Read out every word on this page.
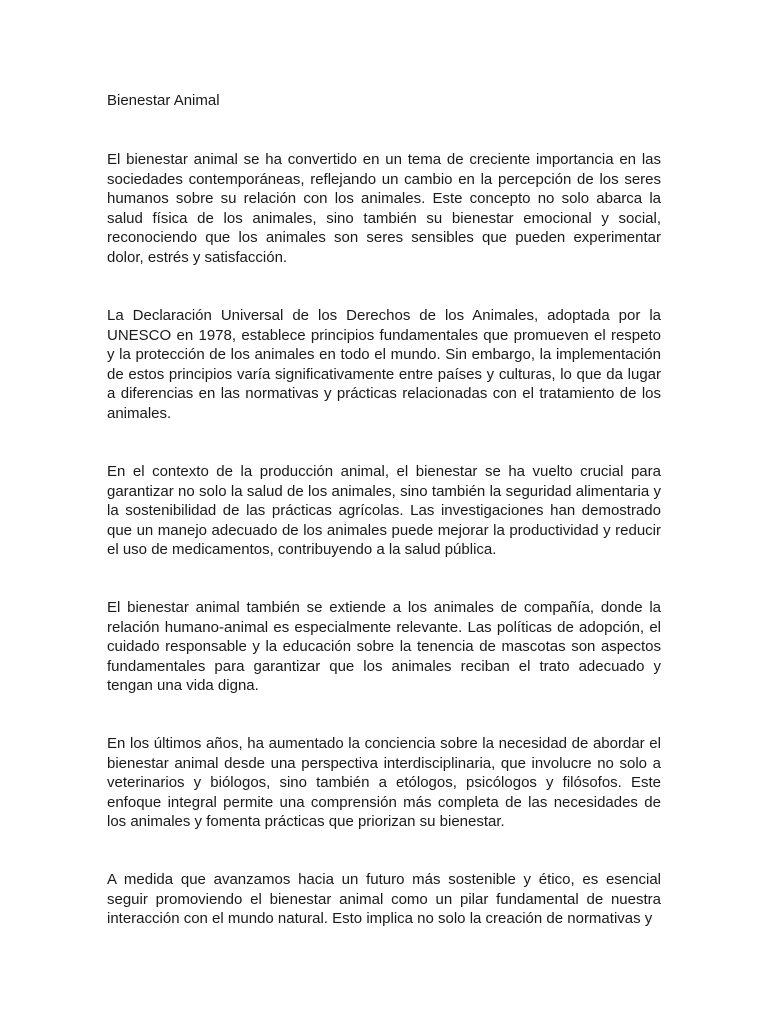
Bienestar Animal

El bienestar animal se ha convertido en un tema de creciente importancia en las sociedades contemporáneas, reflejando un cambio en la percepción de los seres humanos sobre su relación con los animales. Este concepto no solo abarca la salud física de los animales, sino también su bienestar emocional y social, reconociendo que los animales son seres sensibles que pueden experimentar dolor, estrés y satisfacción.

La Declaración Universal de los Derechos de los Animales, adoptada por la UNESCO en 1978, establece principios fundamentales que promueven el respeto y la protección de los animales en todo el mundo. Sin embargo, la implementación de estos principios varía significativamente entre países y culturas, lo que da lugar a diferencias en las normativas y prácticas relacionadas con el tratamiento de los animales.

En el contexto de la producción animal, el bienestar se ha vuelto crucial para garantizar no solo la salud de los animales, sino también la seguridad alimentaria y la sostenibilidad de las prácticas agrícolas. Las investigaciones han demostrado que un manejo adecuado de los animales puede mejorar la productividad y reducir el uso de medicamentos, contribuyendo a la salud pública.

El bienestar animal también se extiende a los animales de compañía, donde la relación humano-animal es especialmente relevante. Las políticas de adopción, el cuidado responsable y la educación sobre la tenencia de mascotas son aspectos fundamentales para garantizar que los animales reciban el trato adecuado y tengan una vida digna.

En los últimos años, ha aumentado la conciencia sobre la necesidad de abordar el bienestar animal desde una perspectiva interdisciplinaria, que involucre no solo a veterinarios y biólogos, sino también a etólogos, psicólogos y filósofos. Este enfoque integral permite una comprensión más completa de las necesidades de los animales y fomenta prácticas que priorizan su bienestar.

A medida que avanzamos hacia un futuro más sostenible y ético, es esencial seguir promoviendo el bienestar animal como un pilar fundamental de nuestra interacción con el mundo natural. Esto implica no solo la creación de normativas y
